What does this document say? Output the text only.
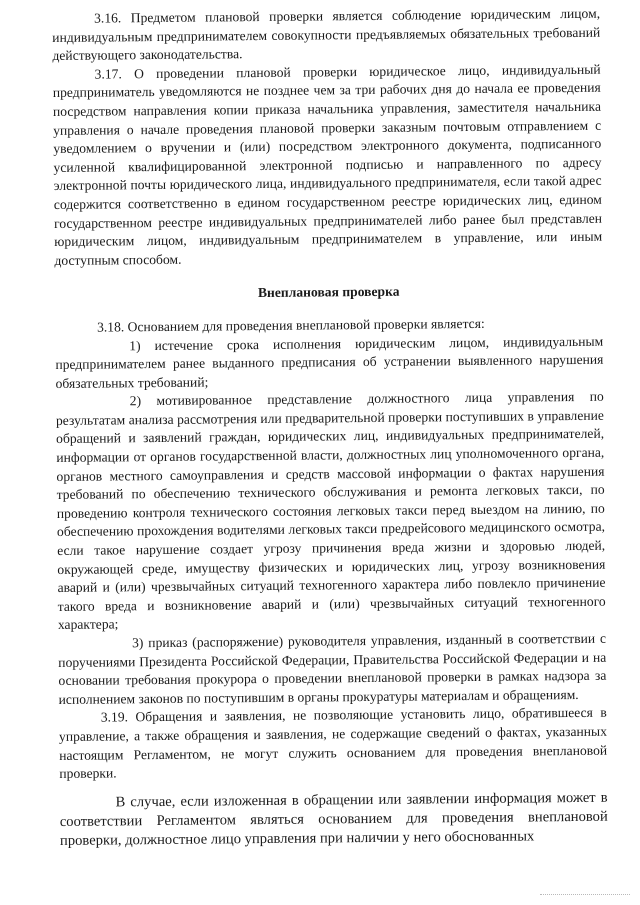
3.16. Предметом плановой проверки является соблюдение юридическим лицом, индивидуальным предпринимателем совокупности предъявляемых обязательных требований действующего законодательства.

3.17. О проведении плановой проверки юридическое лицо, индивидуальный предприниматель уведомляются не позднее чем за три рабочих дня до начала ее проведения посредством направления копии приказа начальника управления, заместителя начальника управления о начале проведения плановой проверки заказным почтовым отправлением с уведомлением о вручении и (или) посредством электронного документа, подписанного усиленной квалифицированной электронной подписью и направленного по адресу электронной почты юридического лица, индивидуального предпринимателя, если такой адрес содержится соответственно в едином государственном реестре юридических лиц, едином государственном реестре индивидуальных предпринимателей либо ранее был представлен юридическим лицом, индивидуальным предпринимателем в управление, или иным доступным способом.

Внеплановая проверка

3.18. Основанием для проведения внеплановой проверки является:

1) истечение срока исполнения юридическим лицом, индивидуальным предпринимателем ранее выданного предписания об устранении выявленного нарушения обязательных требований;

2) мотивированное представление должностного лица управления по результатам анализа рассмотрения или предварительной проверки поступивших в управление обращений и заявлений граждан, юридических лиц, индивидуальных предпринимателей, информации от органов государственной власти, должностных лиц уполномоченного органа, органов местного самоуправления и средств массовой информации о фактах нарушения требований по обеспечению технического обслуживания и ремонта легковых такси, по проведению контроля технического состояния легковых такси перед выездом на линию, по обеспечению прохождения водителями легковых такси предрейсового медицинского осмотра, если такое нарушение создает угрозу причинения вреда жизни и здоровью людей, окружающей среде, имуществу физических и юридических лиц, угрозу возникновения аварий и (или) чрезвычайных ситуаций техногенного характера либо повлекло причинение такого вреда и возникновение аварий и (или) чрезвычайных ситуаций техногенного характера;

3) приказ (распоряжение) руководителя управления, изданный в соответствии с поручениями Президента Российской Федерации, Правительства Российской Федерации и на основании требования прокурора о проведении внеплановой проверки в рамках надзора за исполнением законов по поступившим в органы прокуратуры материалам и обращениям.

3.19. Обращения и заявления, не позволяющие установить лицо, обратившееся в управление, а также обращения и заявления, не содержащие сведений о фактах, указанных настоящим Регламентом, не могут служить основанием для проведения внеплановой проверки.

В случае, если изложенная в обращении или заявлении информация может в соответствии Регламентом являться основанием для проведения внеплановой проверки, должностное лицо управления при наличии у него обоснованных
